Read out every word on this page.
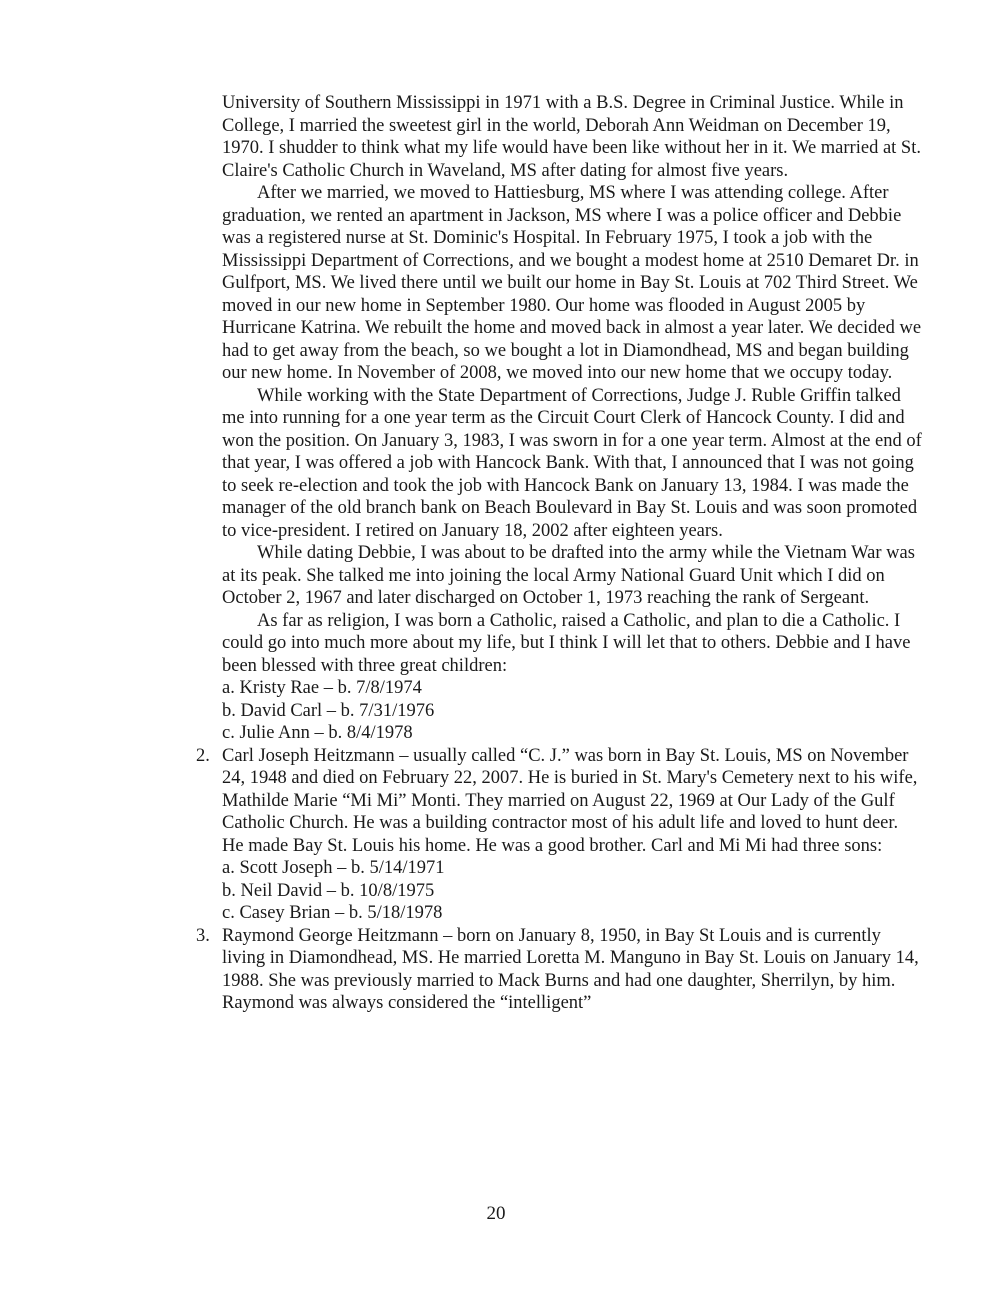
University of Southern Mississippi in 1971 with a B.S. Degree in Criminal Justice. While in College, I married the sweetest girl in the world, Deborah Ann Weidman on December 19, 1970. I shudder to think what my life would have been like without her in it. We married at St. Claire's Catholic Church in Waveland, MS after dating for almost five years.

After we married, we moved to Hattiesburg, MS where I was attending college. After graduation, we rented an apartment in Jackson, MS where I was a police officer and Debbie was a registered nurse at St. Dominic's Hospital. In February 1975, I took a job with the Mississippi Department of Corrections, and we bought a modest home at 2510 Demaret Dr. in Gulfport, MS. We lived there until we built our home in Bay St. Louis at 702 Third Street. We moved in our new home in September 1980. Our home was flooded in August 2005 by Hurricane Katrina. We rebuilt the home and moved back in almost a year later. We decided we had to get away from the beach, so we bought a lot in Diamondhead, MS and began building our new home. In November of 2008, we moved into our new home that we occupy today.

While working with the State Department of Corrections, Judge J. Ruble Griffin talked me into running for a one year term as the Circuit Court Clerk of Hancock County. I did and won the position. On January 3, 1983, I was sworn in for a one year term. Almost at the end of that year, I was offered a job with Hancock Bank. With that, I announced that I was not going to seek re-election and took the job with Hancock Bank on January 13, 1984. I was made the manager of the old branch bank on Beach Boulevard in Bay St. Louis and was soon promoted to vice-president. I retired on January 18, 2002 after eighteen years.

While dating Debbie, I was about to be drafted into the army while the Vietnam War was at its peak. She talked me into joining the local Army National Guard Unit which I did on October 2, 1967 and later discharged on October 1, 1973 reaching the rank of Sergeant.

As far as religion, I was born a Catholic, raised a Catholic, and plan to die a Catholic. I could go into much more about my life, but I think I will let that to others. Debbie and I have been blessed with three great children:

a. Kristy Rae – b. 7/8/1974
b. David Carl – b. 7/31/1976
c. Julie Ann – b. 8/4/1978
2. Carl Joseph Heitzmann – usually called “C. J.” was born in Bay St. Louis, MS on November 24, 1948 and died on February 22, 2007. He is buried in St. Mary's Cemetery next to his wife, Mathilde Marie “Mi Mi” Monti. They married on August 22, 1969 at Our Lady of the Gulf Catholic Church. He was a building contractor most of his adult life and loved to hunt deer. He made Bay St. Louis his home. He was a good brother. Carl and Mi Mi had three sons:
a. Scott Joseph – b. 5/14/1971
b. Neil David – b. 10/8/1975
c. Casey Brian – b. 5/18/1978
3. Raymond George Heitzmann – born on January 8, 1950, in Bay St Louis and is currently living in Diamondhead, MS. He married Loretta M. Manguno in Bay St. Louis on January 14, 1988. She was previously married to Mack Burns and had one daughter, Sherrilyn, by him. Raymond was always considered the “intelligent”
20
